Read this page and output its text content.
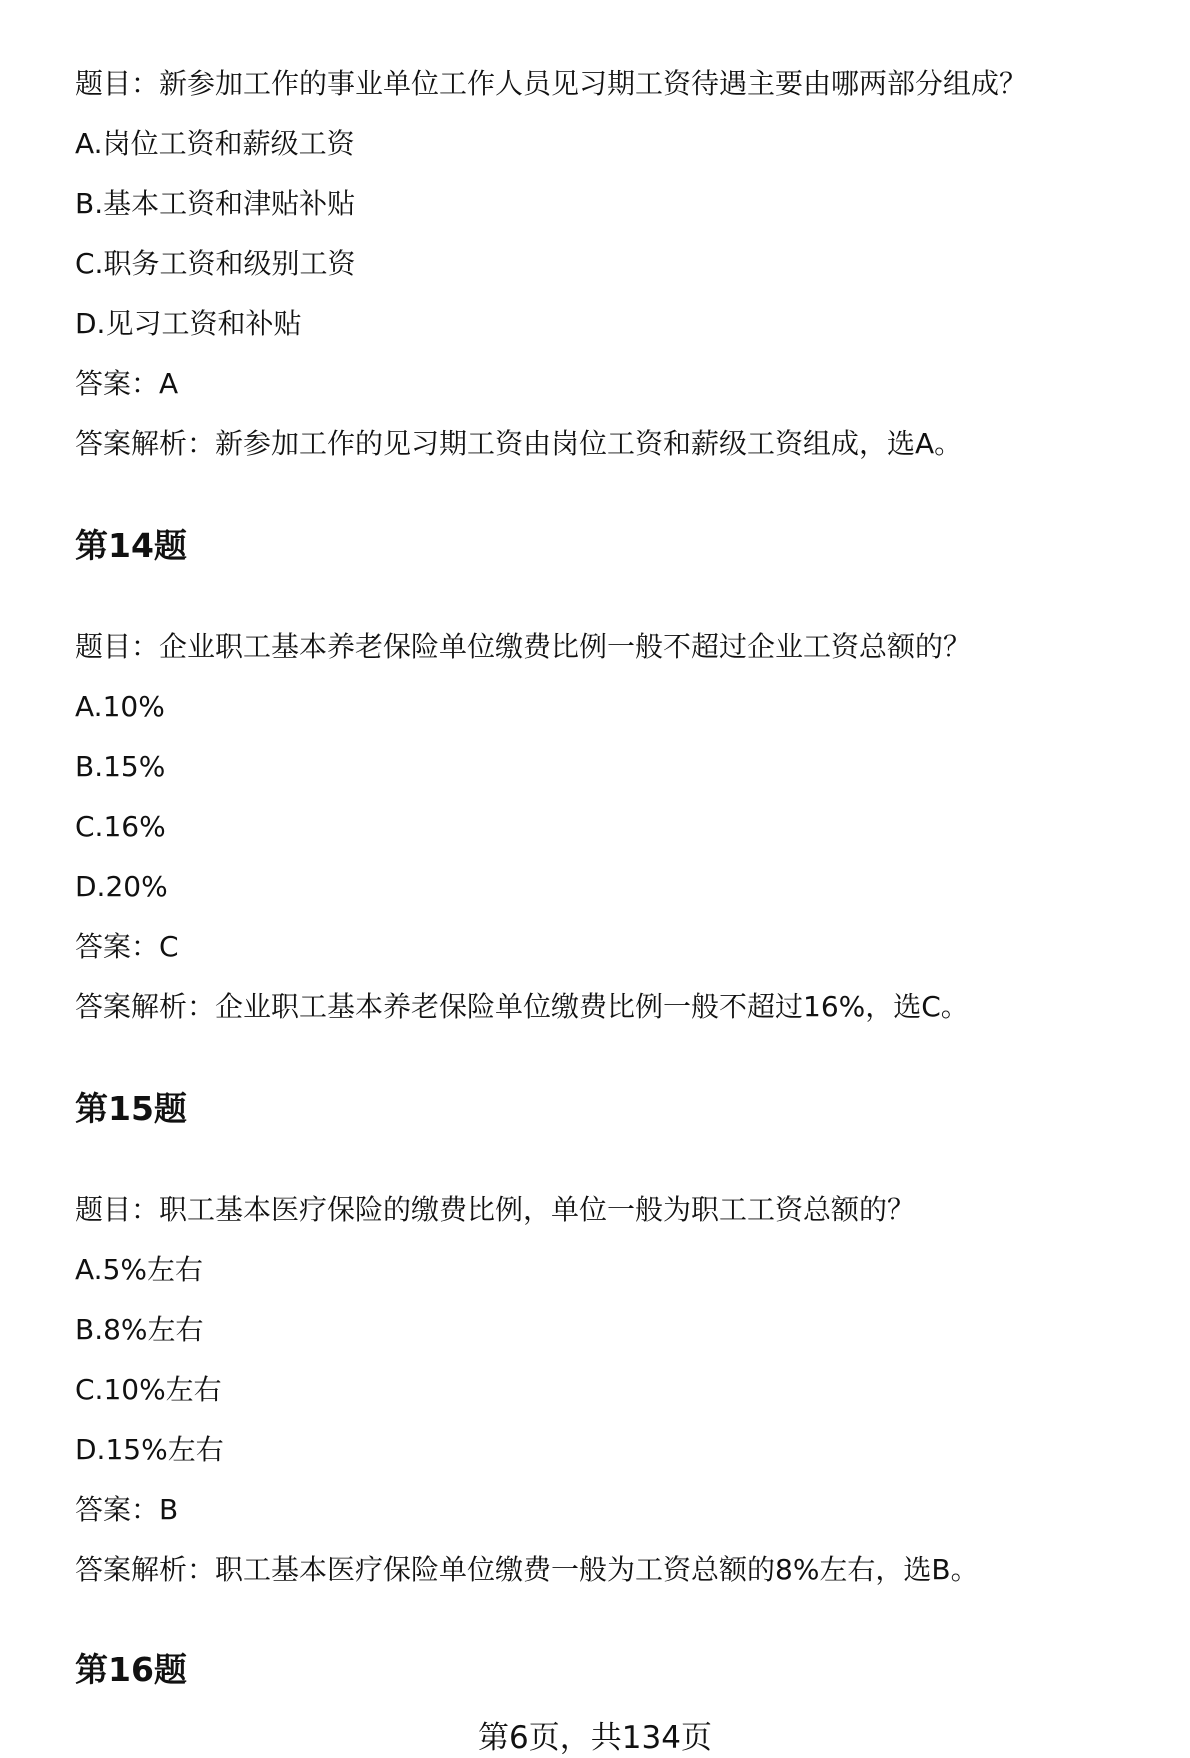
题目：新参加工作的事业单位工作人员见习期工资待遇主要由哪两部分组成？
A.岗位工资和薪级工资
B.基本工资和津贴补贴
C.职务工资和级别工资
D.见习工资和补贴
答案：A
答案解析：新参加工作的见习期工资由岗位工资和薪级工资组成，选A。
第14题
题目：企业职工基本养老保险单位缴费比例一般不超过企业工资总额的？
A.10%
B.15%
C.16%
D.20%
答案：C
答案解析：企业职工基本养老保险单位缴费比例一般不超过16%，选C。
第15题
题目：职工基本医疗保险的缴费比例，单位一般为职工工资总额的？
A.5%左右
B.8%左右
C.10%左右
D.15%左右
答案：B
答案解析：职工基本医疗保险单位缴费一般为工资总额的8%左右，选B。
第16题
第6页，共134页
